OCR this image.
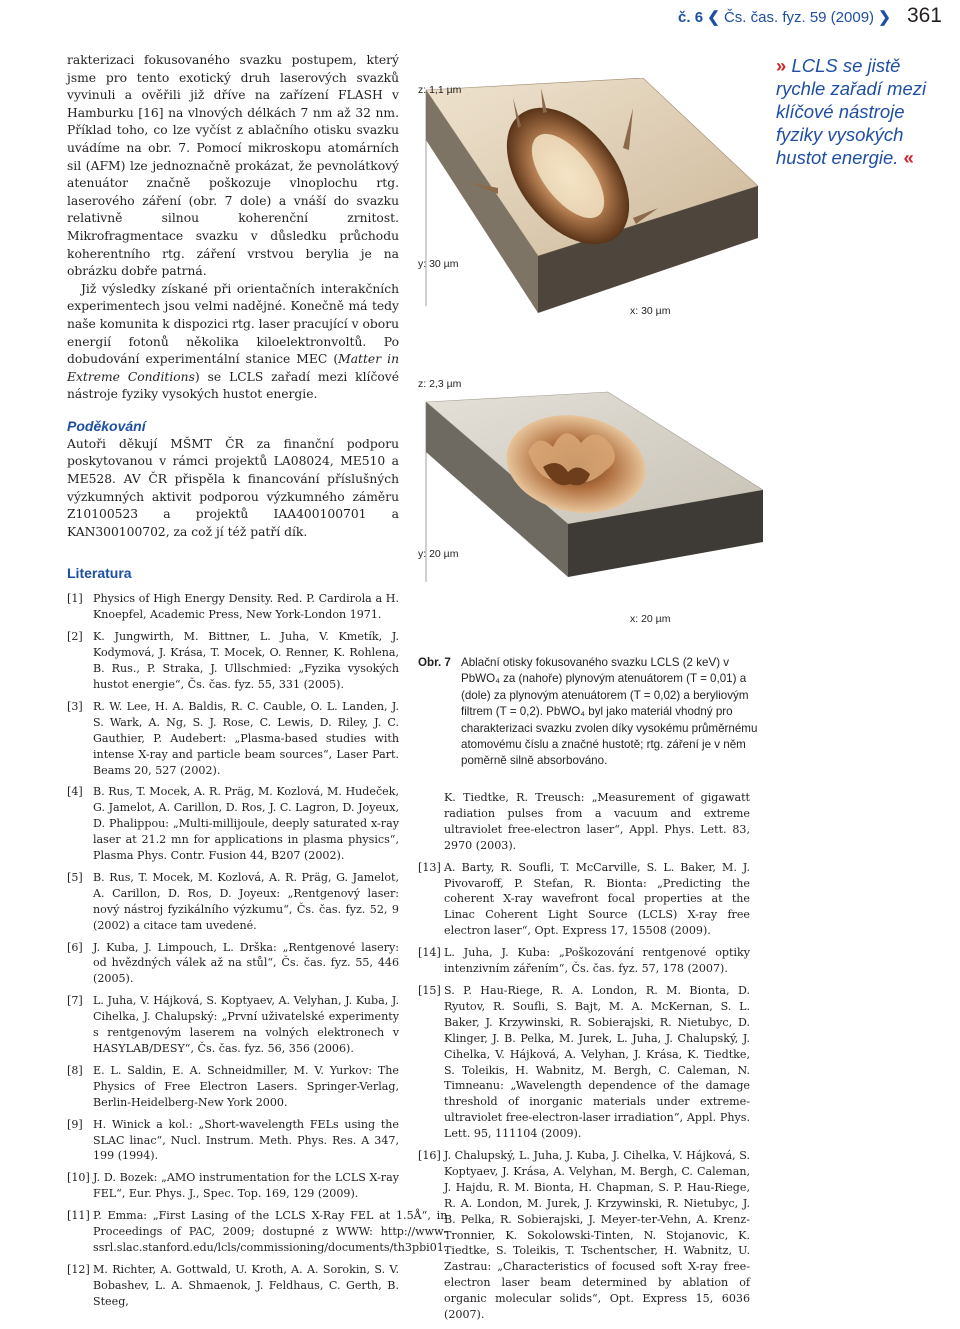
č. 6 ❮ Čs. čas. fyz. 59 (2009) ❯ 361

rakterizaci fokusovaného svazku postupem, který jsme pro tento exotický druh laserových svazků vyvinuli a ověřili již dříve na zařízení FLASH v Hamburku [16] na vlnových délkách 7 nm až 32 nm. Příklad toho, co lze vyčíst z ablačního otisku svazku uvádíme na obr. 7. Pomocí mikroskopu atomárních sil (AFM) lze jednoznačně prokázat, že pevnolátkový atenuátor značně poškozuje vlnoplochu rtg. laserového záření (obr. 7 dole) a vnáší do svazku relativně silnou koherenční zrnitost. Mikrofragmentace svazku v důsledku průchodu koherentního rtg. záření vrstvou berylia je na obrázku dobře patrná.

Již výsledky získané při orientačních interakčních experimentech jsou velmi nadějné. Konečně má tedy naše komunita k dispozici rtg. laser pracující v oboru energií fotonů několika kiloelektronvoltů. Po dobudování experimentální stanice MEC (Matter in Extreme Conditions) se LCLS zařadí mezi klíčové nástroje fyziky vysokých hustot energie.

Poděkování

Autoři děkují MŠMT ČR za finanční podporu poskytovanou v rámci projektů LA08024, ME510 a ME528. AV ČR přispěla k financování příslušných výzkumných aktivit podporou výzkumného záměru Z10100523 a projektů IAA400100701 a KAN300100702, za což jí též patří dík.

Literatura
[1] Physics of High Energy Density. Red. P. Cardirola a H. Knoepfel, Academic Press, New York-London 1971.
[2] K. Jungwirth, M. Bittner, L. Juha, V. Kmetík, J. Kodymová, J. Krása, T. Mocek, O. Renner, K. Rohlena, B. Rus., P. Straka, J. Ullschmied: „Fyzika vysokých hustot energie“, Čs. čas. fyz. 55, 331 (2005).
[3] R. W. Lee, H. A. Baldis, R. C. Cauble, O. L. Landen, J. S. Wark, A. Ng, S. J. Rose, C. Lewis, D. Riley, J. C. Gauthier, P. Audebert: „Plasma-based studies with intense X-ray and particle beam sources“, Laser Part. Beams 20, 527 (2002).
[4] B. Rus, T. Mocek, A. R. Präg, M. Kozlová, M. Hudeček, G. Jamelot, A. Carillon, D. Ros, J. C. Lagron, D. Joyeux, D. Phalippou: „Multi-millijoule, deeply saturated x-ray laser at 21.2 mn for applications in plasma physics“, Plasma Phys. Contr. Fusion 44, B207 (2002).
[5] B. Rus, T. Mocek, M. Kozlová, A. R. Präg, G. Jamelot, A. Carillon, D. Ros, D. Joyeux: „Rentgenový laser: nový nástroj fyzikálního výzkumu“, Čs. čas. fyz. 52, 9 (2002) a citace tam uvedené.
[6] J. Kuba, J. Limpouch, L. Drška: „Rentgenové lasery: od hvězdných válek až na stůl“, Čs. čas. fyz. 55, 446 (2005).
[7] L. Juha, V. Hájková, S. Koptyaev, A. Velyhan, J. Kuba, J. Cihelka, J. Chalupský: „První uživatelské experimenty s rentgenovým laserem na volných elektronech v HASYLAB/DESY“, Čs. čas. fyz. 56, 356 (2006).
[8] E. L. Saldin, E. A. Schneidmiller, M. V. Yurkov: The Physics of Free Electron Lasers. Springer-Verlag, Berlin-Heidelberg-New York 2000.
[9] H. Winick a kol.: „Short-wavelength FELs using the SLAC linac“, Nucl. Instrum. Meth. Phys. Res. A 347, 199 (1994).
[10] J. D. Bozek: „AMO instrumentation for the LCLS X-ray FEL“, Eur. Phys. J., Spec. Top. 169, 129 (2009).
[11] P. Emma: „First Lasing of the LCLS X-Ray FEL at 1.5Å“, in Proceedings of PAC, 2009; dostupné z WWW: http://www-ssrl.slac.stanford.edu/lcls/commissioning/documents/th3pbi01.
[12] M. Richter, A. Gottwald, U. Kroth, A. A. Sorokin, S. V. Bobashev, L. A. Shmaenok, J. Feldhaus, C. Gerth, B. Steeg,
z: 1,1 µm
y: 30 µm
x: 30 µm
z: 2,3 µm
y: 20 µm
x: 20 µm
Obr. 7 Ablační otisky fokusovaného svazku LCLS (2 keV) v PbWO₄ za (nahoře) plynovým atenuátorem (T = 0,01) a (dole) za plynovým atenuátorem (T = 0,02) a beryliovým filtrem (T = 0,2). PbWO₄ byl jako materiál vhodný pro charakterizaci svazku zvolen díky vysokému průměrnému atomovému číslu a značné hustotě; rtg. záření je v něm poměrně silně absorbováno.
K. Tiedtke, R. Treusch: „Measurement of gigawatt radiation pulses from a vacuum and extreme ultraviolet free-electron laser“, Appl. Phys. Lett. 83, 2970 (2003).
[13] A. Barty, R. Soufli, T. McCarville, S. L. Baker, M. J. Pivovaroff, P. Stefan, R. Bionta: „Predicting the coherent X-ray wavefront focal properties at the Linac Coherent Light Source (LCLS) X-ray free electron laser“, Opt. Express 17, 15508 (2009).
[14] L. Juha, J. Kuba: „Poškozování rentgenové optiky intenzivním zářením“, Čs. čas. fyz. 57, 178 (2007).
[15] S. P. Hau-Riege, R. A. London, R. M. Bionta, D. Ryutov, R. Soufli, S. Bajt, M. A. McKernan, S. L. Baker, J. Krzywinski, R. Sobierajski, R. Nietubyc, D. Klinger, J. B. Pelka, M. Jurek, L. Juha, J. Chalupský, J. Cihelka, V. Hájková, A. Velyhan, J. Krása, K. Tiedtke, S. Toleikis, H. Wabnitz, M. Bergh, C. Caleman, N. Timneanu: „Wavelength dependence of the damage threshold of inorganic materials under extreme-ultraviolet free-electron-laser irradiation“, Appl. Phys. Lett. 95, 111104 (2009).
[16] J. Chalupský, L. Juha, J. Kuba, J. Cihelka, V. Hájková, S. Koptyaev, J. Krása, A. Velyhan, M. Bergh, C. Caleman, J. Hajdu, R. M. Bionta, H. Chapman, S. P. Hau-Riege, R. A. London, M. Jurek, J. Krzywinski, R. Nietubyc, J. B. Pelka, R. Sobierajski, J. Meyer-ter-Vehn, A. Krenz-Tronnier, K. Sokolowski-Tinten, N. Stojanovic, K. Tiedtke, S. Toleikis, T. Tschentscher, H. Wabnitz, U. Zastrau: „Characteristics of focused soft X-ray free-electron laser beam determined by ablation of organic molecular solids“, Opt. Express 15, 6036 (2007).
» LCLS se jistě rychle zařadí mezi klíčové nástroje fyziky vysokých hustot energie. «
